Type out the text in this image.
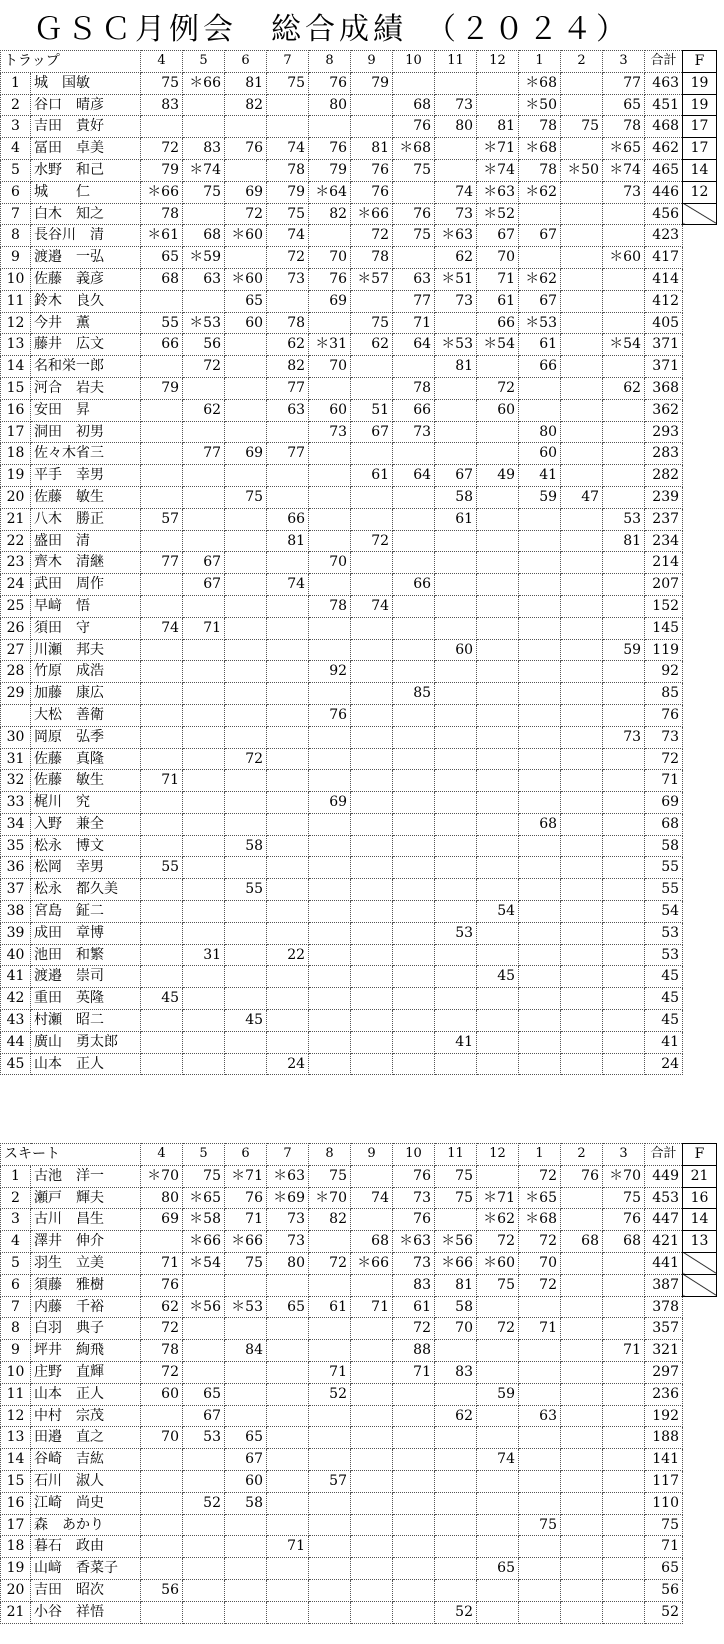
ＧＳＣ月例会　総合成績　（２０２４）
トラップ		4	5	6	7	8	9	10	11	12	1	2	3	合計	F
1	城　国敏	75	＊66	81	75	76	79				＊68		77	463	19
2	谷口　晴彦	83		82		80		68	73		＊50		65	451	19
3	吉田　貴好							76	80	81	78	75	78	468	17
4	冨田　卓美	72	83	76	74	76	81	＊68		＊71	＊68		＊65	462	17
5	水野　和己	79	＊74		78	79	76	75		＊74	78	＊50	＊74	465	14
6	城　　仁	＊66	75	69	79	＊64	76		74	＊63	＊62		73	446	12
7	白木　知之	78		72	75	82	＊66	76	73	＊52				456	
8	長谷川　清	＊61	68	＊60	74		72	75	＊63	67	67			423	
9	渡邉　一弘	65	＊59		72	70	78		62	70			＊60	417	
10	佐藤　義彦	68	63	＊60	73	76	＊57	63	＊51	71	＊62			414	
11	鈴木　良久			65		69		77	73	61	67			412	
12	今井　薫	55	＊53	60	78		75	71		66	＊53			405	
13	藤井　広文	66	56		62	＊31	62	64	＊53	＊54	61		＊54	371	
14	名和栄一郎		72		82	70			81		66			371	
15	河合　岩夫	79			77			78		72			62	368	
16	安田　昇		62		63	60	51	66		60				362	
17	洞田　初男					73	67	73			80			293	
18	佐々木省三		77	69	77						60			283	
19	平手　幸男						61	64	67	49	41			282	
20	佐藤　敏生			75					58		59	47		239	
21	八木　勝正	57			66				61				53	237	
22	盛田　清				81		72						81	234	
23	齊木　清継	77	67			70								214	
24	武田　周作		67		74			66						207	
25	早﨑　悟					78	74							152	
26	須田　守	74	71											145	
27	川瀬　邦夫								60				59	119	
28	竹原　成浩					92								92	
29	加藤　康広							85						85	
	大松　善衛					76								76	
30	岡原　弘季												73	73	
31	佐藤　真隆			72										72	
32	佐藤　敏生	71												71	
33	梶川　究					69								69	
34	入野　兼全										68			68	
35	松永　博文			58										58	
36	松岡　幸男	55												55	
37	松永　都久美			55										55	
38	宮島　鉦二									54				54	
39	成田　章博								53					53	
40	池田　和繁		31		22									53	
41	渡邉　崇司									45				45	
42	重田　英隆	45												45	
43	村瀬　昭二			45										45	
44	廣山　勇太郎								41					41	
45	山本　正人				24									24	
スキート		4	5	6	7	8	9	10	11	12	1	2	3	合計	F
1	古池　洋一	＊70	75	＊71	＊63	75		76	75		72	76	＊70	449	21
2	瀬戸　輝夫	80	＊65	76	＊69	＊70	74	73	75	＊71	＊65		75	453	16
3	古川　昌生	69	＊58	71	73	82		76		＊62	＊68		76	447	14
4	澤井　伸介		＊66	＊66	73		68	＊63	＊56	72	72	68	68	421	13
5	羽生　立美	71	＊54	75	80	72	＊66	73	＊66	＊60	70			441	
6	須藤　雅樹	76						83	81	75	72			387	
7	内藤　千裕	62	＊56	＊53	65	61	71	61	58					378	
8	白羽　典子	72						72	70	72	71			357	
9	坪井　絢飛	78		84				88					71	321	
10	庄野　直輝	72				71		71	83					297	
11	山本　正人	60	65			52				59				236	
12	中村　宗茂		67						62		63			192	
13	田邉　直之	70	53	65										188	
14	谷崎　吉紘			67						74				141	
15	石川　淑人			60		57								117	
16	江崎　尚史		52	58										110	
17	森　あかり										75			75	
18	暮石　政由				71									71	
19	山﨑　香菜子									65				65	
20	吉田　昭次	56												56	
21	小谷　祥悟								52					52	
